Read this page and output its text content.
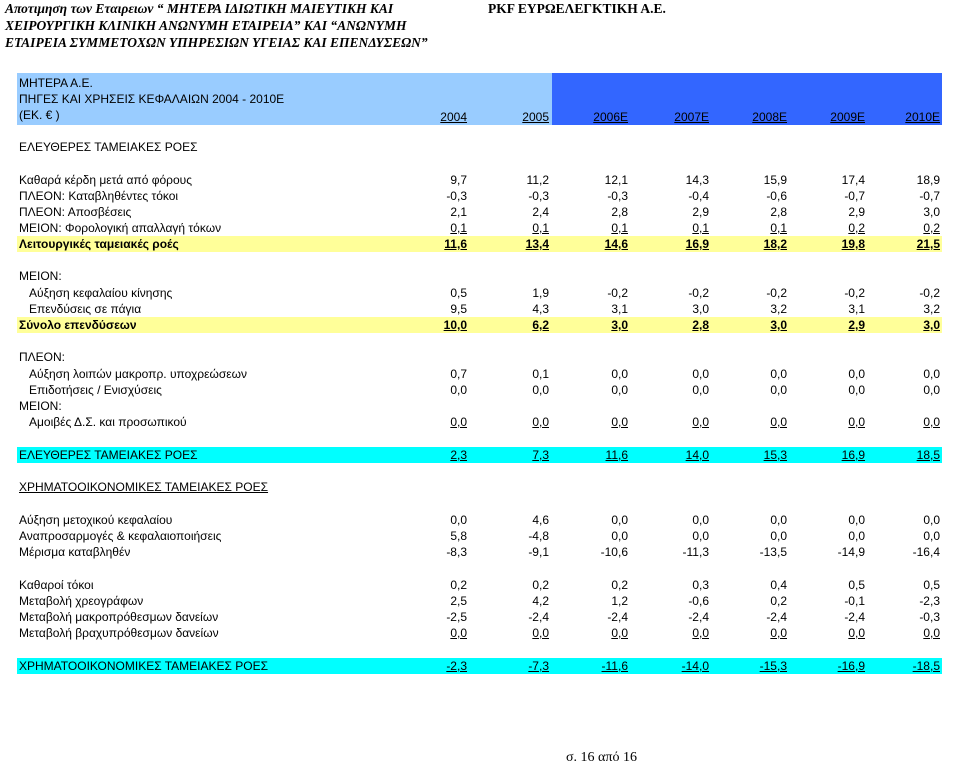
Αποτιμηση των Εταιρειων “ ΜΗΤΕΡΑ ΙΔΙΩΤΙΚΗ ΜΑΙΕΥΤΙΚΗ ΚΑΙ	PKF ΕΥΡΩΕΛΕΓΚΤΙΚΗ Α.Ε.
ΧΕΙΡΟΥΡΓΙΚΗ ΚΛΙΝΙΚΗ ΑΝΩΝΥΜΗ ΕΤΑΙΡΕΙΑ” ΚΑΙ “ΑΝΩΝΥΜΗ
ΕΤΑΙΡΕΙΑ ΣΥΜΜΕΤΟΧΩΝ ΥΠΗΡΕΣΙΩΝ ΥΓΕΙΑΣ ΚΑΙ ΕΠΕΝΔΥΣΕΩΝ”
ΜΗΤΕΡΑ Α.Ε.
ΠΗΓΕΣ ΚΑΙ ΧΡΗΣΕΙΣ ΚΕΦΑΛΑΙΩΝ 2004 - 2010Ε
(ΕΚ. € )	2004	2005	2006Ε	2007Ε	2008Ε	2009Ε	2010Ε
ΕΛΕΥΘΕΡΕΣ ΤΑΜΕΙΑΚΕΣ ΡΟΕΣ
Καθαρά κέρδη μετά από φόρους	9,7	11,2	12,1	14,3	15,9	17,4	18,9
ΠΛΕΟΝ: Καταβληθέντες τόκοι	-0,3	-0,3	-0,3	-0,4	-0,6	-0,7	-0,7
ΠΛΕΟΝ: Αποσβέσεις	2,1	2,4	2,8	2,9	2,8	2,9	3,0
ΜΕΙΟΝ: Φορολογική απαλλαγή τόκων	0,1	0,1	0,1	0,1	0,1	0,2	0,2
Λειτουργικές ταμειακές ροές	11,6	13,4	14,6	16,9	18,2	19,8	21,5
ΜΕΙΟΝ:
Αύξηση κεφαλαίου κίνησης	0,5	1,9	-0,2	-0,2	-0,2	-0,2	-0,2
Επενδύσεις σε πάγια	9,5	4,3	3,1	3,0	3,2	3,1	3,2
Σύνολο επενδύσεων	10,0	6,2	3,0	2,8	3,0	2,9	3,0
ΠΛΕΟΝ:
Αύξηση λοιπών μακροπρ. υποχρεώσεων	0,7	0,1	0,0	0,0	0,0	0,0	0,0
Επιδοτήσεις / Ενισχύσεις	0,0	0,0	0,0	0,0	0,0	0,0	0,0
ΜΕΙΟΝ:
Αμοιβές Δ.Σ. και προσωπικού	0,0	0,0	0,0	0,0	0,0	0,0	0,0
ΕΛΕΥΘΕΡΕΣ ΤΑΜΕΙΑΚΕΣ ΡΟΕΣ	2,3	7,3	11,6	14,0	15,3	16,9	18,5
ΧΡΗΜΑΤΟΟΙΚΟΝΟΜΙΚΕΣ ΤΑΜΕΙΑΚΕΣ ΡΟΕΣ
Αύξηση μετοχικού κεφαλαίου	0,0	4,6	0,0	0,0	0,0	0,0	0,0
Αναπροσαρμογές & κεφαλαιοποιήσεις	5,8	-4,8	0,0	0,0	0,0	0,0	0,0
Μέρισμα καταβληθέν	-8,3	-9,1	-10,6	-11,3	-13,5	-14,9	-16,4
Καθαροί τόκοι	0,2	0,2	0,2	0,3	0,4	0,5	0,5
Μεταβολή χρεογράφων	2,5	4,2	1,2	-0,6	0,2	-0,1	-2,3
Μεταβολή μακροπρόθεσμων δανείων	-2,5	-2,4	-2,4	-2,4	-2,4	-2,4	-0,3
Μεταβολή βραχυπρόθεσμων δανείων	0,0	0,0	0,0	0,0	0,0	0,0	0,0
ΧΡΗΜΑΤΟΟΙΚΟΝΟΜΙΚΕΣ ΤΑΜΕΙΑΚΕΣ ΡΟΕΣ	-2,3	-7,3	-11,6	-14,0	-15,3	-16,9	-18,5
σ. 16 από 16
